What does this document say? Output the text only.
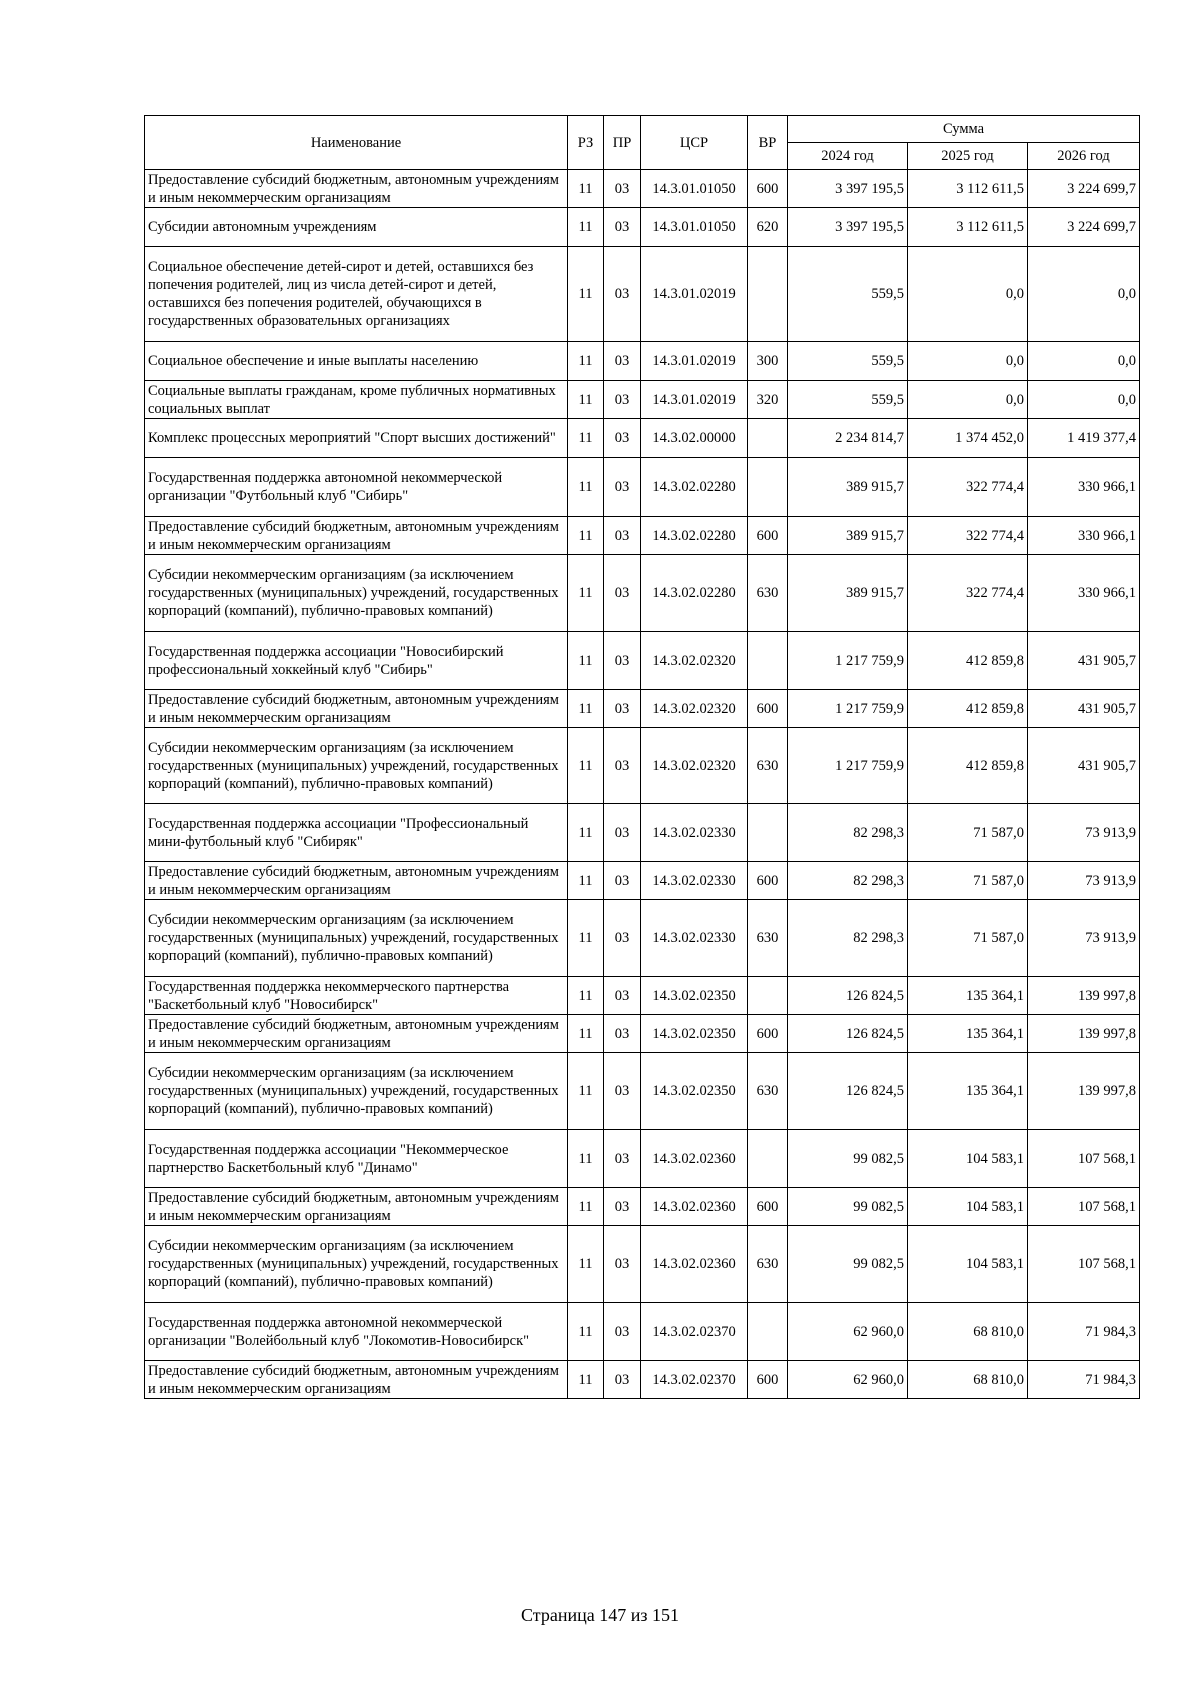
Наименование	РЗ	ПР	ЦСР	ВР	Сумма		
					2024 год	2025 год	2026 год
Предоставление субсидий бюджетным, автономным учреждениям и иным некоммерческим организациям	11	03	14.3.01.01050	600	3 397 195,5	3 112 611,5	3 224 699,7
Субсидии автономным учреждениям	11	03	14.3.01.01050	620	3 397 195,5	3 112 611,5	3 224 699,7
Социальное обеспечение детей-сирот и детей, оставшихся без попечения родителей, лиц из числа детей-сирот и детей, оставшихся без попечения родителей, обучающихся в государственных образовательных организациях	11	03	14.3.01.02019		559,5	0,0	0,0
Социальное обеспечение и иные выплаты населению	11	03	14.3.01.02019	300	559,5	0,0	0,0
Социальные выплаты гражданам, кроме публичных нормативных социальных выплат	11	03	14.3.01.02019	320	559,5	0,0	0,0
Комплекс процессных мероприятий "Спорт высших достижений"	11	03	14.3.02.00000		2 234 814,7	1 374 452,0	1 419 377,4
Государственная поддержка автономной некоммерческой организации "Футбольный клуб "Сибирь"	11	03	14.3.02.02280		389 915,7	322 774,4	330 966,1
Предоставление субсидий бюджетным, автономным учреждениям и иным некоммерческим организациям	11	03	14.3.02.02280	600	389 915,7	322 774,4	330 966,1
Субсидии некоммерческим организациям (за исключением государственных (муниципальных) учреждений, государственных корпораций (компаний), публично-правовых компаний)	11	03	14.3.02.02280	630	389 915,7	322 774,4	330 966,1
Государственная поддержка ассоциации "Новосибирский профессиональный хоккейный клуб "Сибирь"	11	03	14.3.02.02320		1 217 759,9	412 859,8	431 905,7
Предоставление субсидий бюджетным, автономным учреждениям и иным некоммерческим организациям	11	03	14.3.02.02320	600	1 217 759,9	412 859,8	431 905,7
Субсидии некоммерческим организациям (за исключением государственных (муниципальных) учреждений, государственных корпораций (компаний), публично-правовых компаний)	11	03	14.3.02.02320	630	1 217 759,9	412 859,8	431 905,7
Государственная поддержка ассоциации "Профессиональный мини-футбольный клуб "Сибиряк"	11	03	14.3.02.02330		82 298,3	71 587,0	73 913,9
Предоставление субсидий бюджетным, автономным учреждениям и иным некоммерческим организациям	11	03	14.3.02.02330	600	82 298,3	71 587,0	73 913,9
Субсидии некоммерческим организациям (за исключением государственных (муниципальных) учреждений, государственных корпораций (компаний), публично-правовых компаний)	11	03	14.3.02.02330	630	82 298,3	71 587,0	73 913,9
Государственная поддержка некоммерческого партнерства "Баскетбольный клуб "Новосибирск"	11	03	14.3.02.02350		126 824,5	135 364,1	139 997,8
Предоставление субсидий бюджетным, автономным учреждениям и иным некоммерческим организациям	11	03	14.3.02.02350	600	126 824,5	135 364,1	139 997,8
Субсидии некоммерческим организациям (за исключением государственных (муниципальных) учреждений, государственных корпораций (компаний), публично-правовых компаний)	11	03	14.3.02.02350	630	126 824,5	135 364,1	139 997,8
Государственная поддержка ассоциации "Некоммерческое партнерство Баскетбольный клуб "Динамо"	11	03	14.3.02.02360		99 082,5	104 583,1	107 568,1
Предоставление субсидий бюджетным, автономным учреждениям и иным некоммерческим организациям	11	03	14.3.02.02360	600	99 082,5	104 583,1	107 568,1
Субсидии некоммерческим организациям (за исключением государственных (муниципальных) учреждений, государственных корпораций (компаний), публично-правовых компаний)	11	03	14.3.02.02360	630	99 082,5	104 583,1	107 568,1
Государственная поддержка автономной некоммерческой организации "Волейбольный клуб "Локомотив-Новосибирск"	11	03	14.3.02.02370		62 960,0	68 810,0	71 984,3
Предоставление субсидий бюджетным, автономным учреждениям и иным некоммерческим организациям	11	03	14.3.02.02370	600	62 960,0	68 810,0	71 984,3
Страница 147 из 151
